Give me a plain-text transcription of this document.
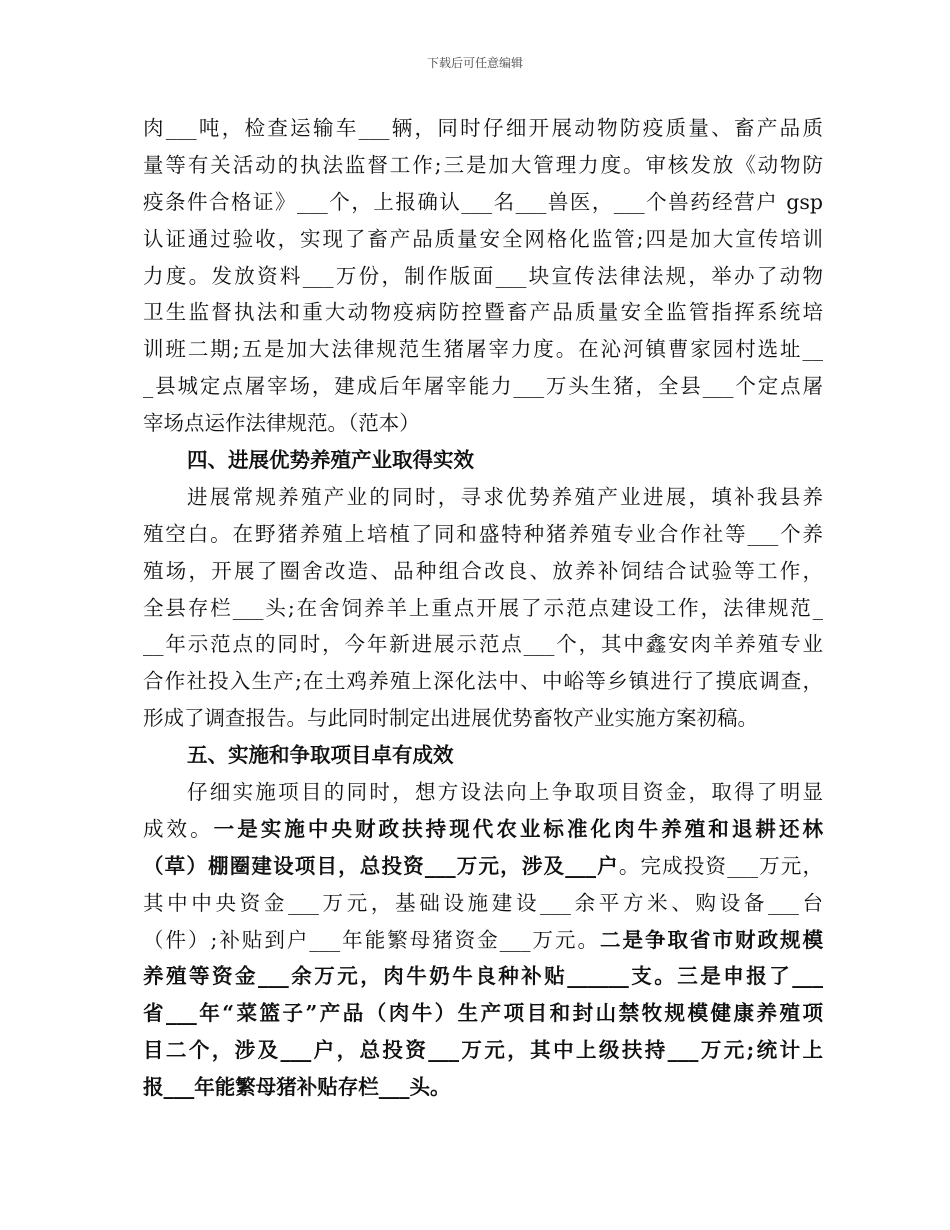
下载后可任意编辑
肉___吨，检查运输车___辆，同时仔细开展动物防疫质量、畜产品质
量等有关活动的执法监督工作;三是加大管理力度。审核发放《动物防
疫条件合格证》___个，上报确认___名___兽医，___个兽药经营户 gsp
认证通过验收，实现了畜产品质量安全网格化监管;四是加大宣传培训
力度。发放资料___万份，制作版面___块宣传法律法规，举办了动物
卫生监督执法和重大动物疫病防控暨畜产品质量安全监管指挥系统培
训班二期;五是加大法律规范生猪屠宰力度。在沁河镇曹家园村选址__
_县城定点屠宰场，建成后年屠宰能力___万头生猪，全县___个定点屠
宰场点运作法律规范。（范本）
四、进展优势养殖产业取得实效
进展常规养殖产业的同时，寻求优势养殖产业进展，填补我县养
殖空白。在野猪养殖上培植了同和盛特种猪养殖专业合作社等___个养
殖场，开展了圈舍改造、品种组合改良、放养补饲结合试验等工作，
全县存栏___头;在舍饲养羊上重点开展了示范点建设工作，法律规范_
__年示范点的同时，今年新进展示范点___个，其中鑫安肉羊养殖专业
合作社投入生产;在土鸡养殖上深化法中、中峪等乡镇进行了摸底调查，
形成了调查报告。与此同时制定出进展优势畜牧产业实施方案初稿。
五、实施和争取项目卓有成效
仔细实施项目的同时，想方设法向上争取项目资金，取得了明显
成效。一是实施中央财政扶持现代农业标准化肉牛养殖和退耕还林
（草）棚圈建设项目，总投资___万元，涉及___户。完成投资___万元，
其中中央资金___万元，基础设施建设___余平方米、购设备___台
（件）;补贴到户___年能繁母猪资金___万元。二是争取省市财政规模
养殖等资金___余万元，肉牛奶牛良种补贴______支。三是申报了___
省___年“菜篮子”产品（肉牛）生产项目和封山禁牧规模健康养殖项
目二个，涉及___户，总投资___万元，其中上级扶持___万元;统计上
报___年能繁母猪补贴存栏___头。
